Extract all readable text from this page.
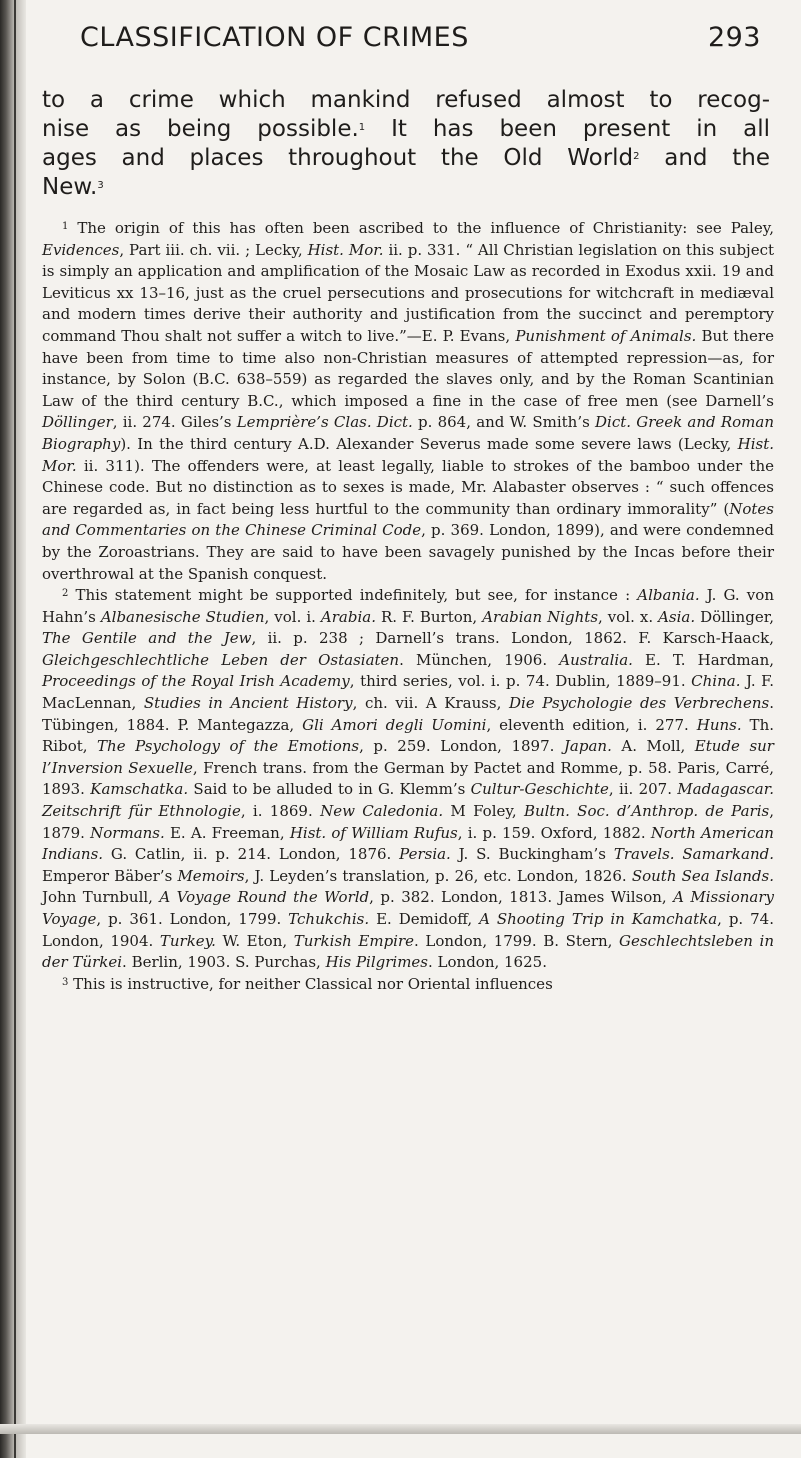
CLASSIFICATION OF CRIMES	293
to a crime which mankind refused almost to recog-
nise as being possible.$^1$ It has been present in all
ages and places throughout the Old World$^2$ and the
New.$^3$

$^1$ The origin of this has often been ascribed to the influence of Christianity: see Paley, Evidences, Part iii. ch. vii. ; Lecky, Hist. Mor. ii. p. 331. “ All Christian legislation on this subject is simply an application and amplification of the Mosaic Law as recorded in Exodus xxii. 19 and Leviticus xx 13–16, just as the cruel persecutions and prosecutions for witchcraft in mediæval and modern times derive their authority and justification from the succinct and peremptory command Thou shalt not suffer a witch to live.”—E. P. Evans, Punishment of Animals. But there have been from time to time also non-Christian measures of attempted repression—as, for instance, by Solon (B.C. 638–559) as regarded the slaves only, and by the Roman Scantinian Law of the third century B.C., which imposed a fine in the case of free men (see Darnell’s Döllinger, ii. 274. Giles’s Lemprière’s Clas. Dict. p. 864, and W. Smith’s Dict. Greek and Roman Biography). In the third century A.D. Alexander Severus made some severe laws (Lecky, Hist. Mor. ii. 311). The offenders were, at least legally, liable to strokes of the bamboo under the Chinese code. But no distinction as to sexes is made, Mr. Alabaster observes : “ such offences are regarded as, in fact being less hurtful to the community than ordinary immorality” (Notes and Commentaries on the Chinese Criminal Code, p. 369. London, 1899), and were condemned by the Zoroastrians. They are said to have been savagely punished by the Incas before their overthrowal at the Spanish conquest.

$^2$ This statement might be supported indefinitely, but see, for instance : Albania. J. G. von Hahn’s Albanesische Studien, vol. i. Arabia. R. F. Burton, Arabian Nights, vol. x. Asia. Döllinger, The Gentile and the Jew, ii. p. 238 ; Darnell’s trans. London, 1862. F. Karsch-Haack, Gleichgeschlechtliche Leben der Ostasiaten. München, 1906. Australia. E. T. Hardman, Proceedings of the Royal Irish Academy, third series, vol. i. p. 74. Dublin, 1889–91. China. J. F. MacLennan, Studies in Ancient History, ch. vii. A Krauss, Die Psychologie des Verbrechens. Tübingen, 1884. P. Mantegazza, Gli Amori degli Uomini, eleventh edition, i. 277. Huns. Th. Ribot, The Psychology of the Emotions, p. 259. London, 1897. Japan. A. Moll, Etude sur l’Inversion Sexuelle, French trans. from the German by Pactet and Romme, p. 58. Paris, Carré, 1893. Kamschatka. Said to be alluded to in G. Klemm’s Cultur-Geschichte, ii. 207. Madagascar. Zeitschrift für Ethnologie, i. 1869. New Caledonia. M Foley, Bultn. Soc. d’Anthrop. de Paris, 1879. Normans. E. A. Freeman, Hist. of William Rufus, i. p. 159. Oxford, 1882. North American Indians. G. Catlin, ii. p. 214. London, 1876. Persia. J. S. Buckingham’s Travels. Samarkand. Emperor Bäber’s Memoirs, J. Leyden’s translation, p. 26, etc. London, 1826. South Sea Islands. John Turnbull, A Voyage Round the World, p. 382. London, 1813. James Wilson, A Missionary Voyage, p. 361. London, 1799. Tchukchis. E. Demidoff, A Shooting Trip in Kamchatka, p. 74. London, 1904. Turkey. W. Eton, Turkish Empire. London, 1799. B. Stern, Geschlechtsleben in der Türkei. Berlin, 1903. S. Purchas, His Pilgrimes. London, 1625.

$^3$ This is instructive, for neither Classical nor Oriental influences
